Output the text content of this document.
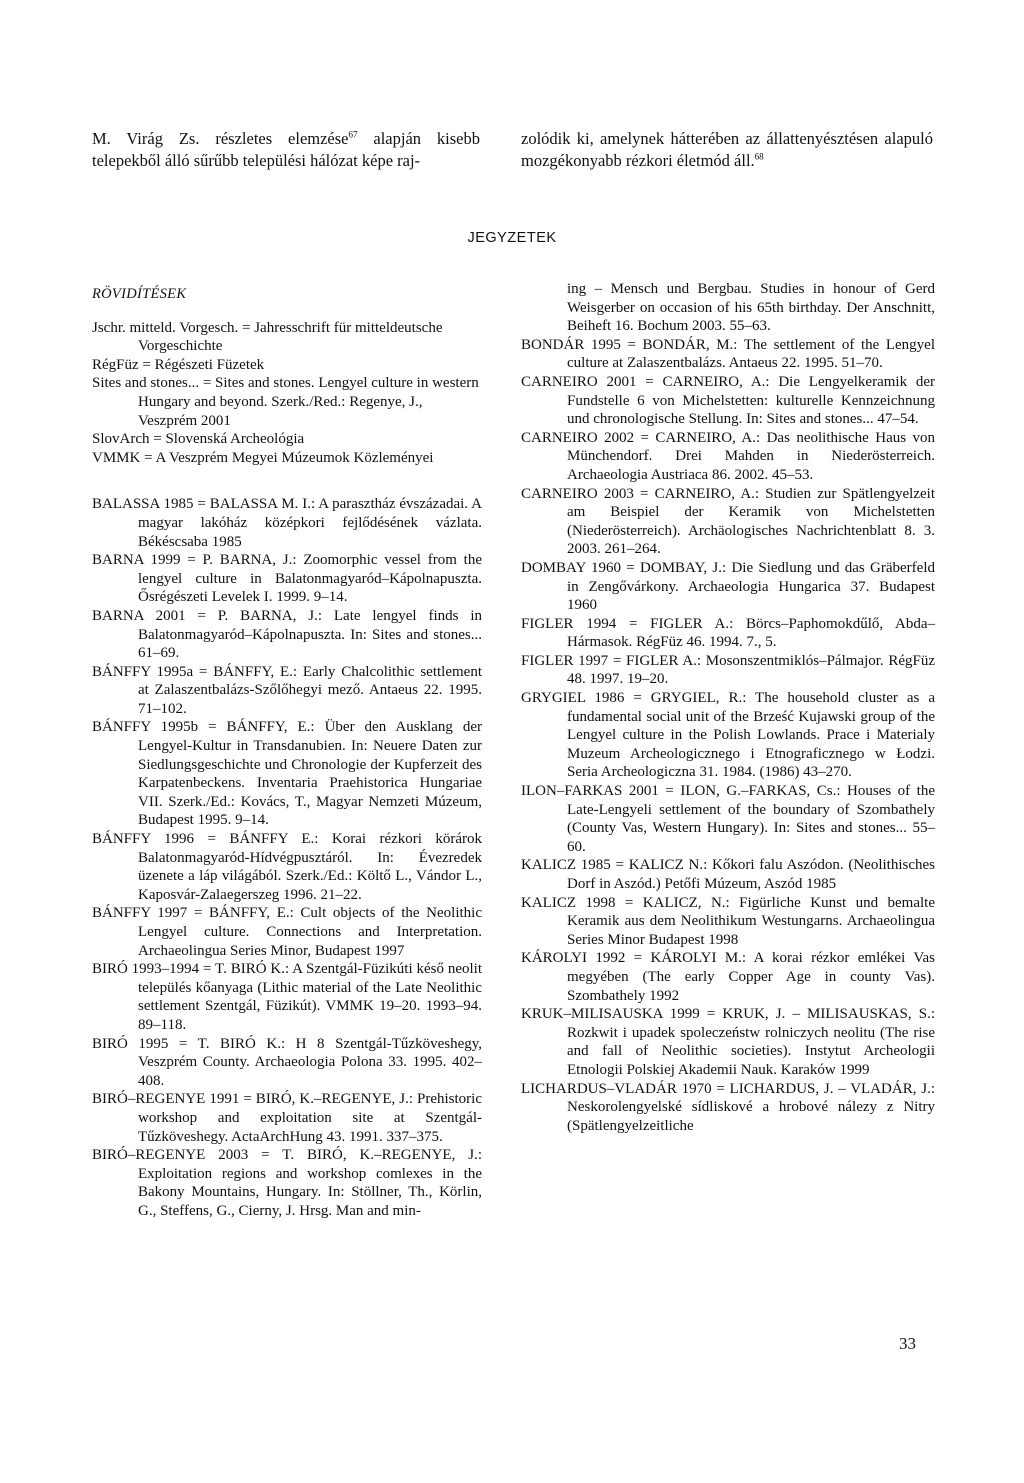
M. Virág Zs. részletes elemzése$^{67}$ alapján kisebb telepekből álló sűrűbb települési hálózat képe raj-
zolódik ki, amelynek hátterében az állattenyésztésen alapuló mozgékonyabb rézkori életmód áll.$^{68}$
JEGYZETEK
RÖVIDÍTÉSEK

Jschr. mitteld. Vorgesch. = Jahresschrift für mitteldeutsche Vorgeschichte

RégFüz = Régészeti Füzetek

Sites and stones... = Sites and stones. Lengyel culture in western Hungary and beyond. Szerk./Red.: Regenye, J., Veszprém 2001

SlovArch = Slovenská Archeológia

VMMK = A Veszprém Megyei Múzeumok Közleményei

BALASSA 1985 = BALASSA M. I.: A parasztház évszázadai. A magyar lakóház középkori fejlődésének vázlata. Békéscsaba 1985

BARNA 1999 = P. BARNA, J.: Zoomorphic vessel from the lengyel culture in Balatonmagyaród–Kápolnapuszta. Ősrégészeti Levelek I. 1999. 9–14.

BARNA 2001 = P. BARNA, J.: Late lengyel finds in Balatonmagyaród–Kápolnapuszta. In: Sites and stones... 61–69.

BÁNFFY 1995a = BÁNFFY, E.: Early Chalcolithic settlement at Zalaszentbalázs-Szőlőhegyi mező. Antaeus 22. 1995. 71–102.

BÁNFFY 1995b = BÁNFFY, E.: Über den Ausklang der Lengyel-Kultur in Transdanubien. In: Neuere Daten zur Siedlungsgeschichte und Chronologie der Kupferzeit des Karpatenbeckens. Inventaria Praehistorica Hungariae VII. Szerk./Ed.: Kovács, T., Magyar Nemzeti Múzeum, Budapest 1995. 9–14.

BÁNFFY 1996 = BÁNFFY E.: Korai rézkori körárok Balatonmagyaród-Hídvégpusztáról. In: Évezredek üzenete a láp világából. Szerk./Ed.: Költő L., Vándor L., Kaposvár-Zalaegerszeg 1996. 21–22.

BÁNFFY 1997 = BÁNFFY, E.: Cult objects of the Neolithic Lengyel culture. Connections and Interpretation. Archaeolingua Series Minor, Budapest 1997

BIRÓ 1993–1994 = T. BIRÓ K.: A Szentgál-Füzikúti késő neolit település kőanyaga (Lithic material of the Late Neolithic settlement Szentgál, Füzikút). VMMK 19–20. 1993–94. 89–118.

BIRÓ 1995 = T. BIRÓ K.: H 8 Szentgál-Tűzköveshegy, Veszprém County. Archaeologia Polona 33. 1995. 402–408.

BIRÓ–REGENYE 1991 = BIRÓ, K.–REGENYE, J.: Prehistoric workshop and exploitation site at Szentgál-Tűzköveshegy. ActaArchHung 43. 1991. 337–375.

BIRÓ–REGENYE 2003 = T. BIRÓ, K.–REGENYE, J.: Exploitation regions and workshop comlexes in the Bakony Mountains, Hungary. In: Stöllner, Th., Körlin, G., Steffens, G., Cierny, J. Hrsg. Man and min-

ing – Mensch und Bergbau. Studies in honour of Gerd Weisgerber on occasion of his 65th birthday. Der Anschnitt, Beiheft 16. Bochum 2003. 55–63.

BONDÁR 1995 = BONDÁR, M.: The settlement of the Lengyel culture at Zalaszentbalázs. Antaeus 22. 1995. 51–70.

CARNEIRO 2001 = CARNEIRO, A.: Die Lengyelkeramik der Fundstelle 6 von Michelstetten: kulturelle Kennzeichnung und chronologische Stellung. In: Sites and stones... 47–54.

CARNEIRO 2002 = CARNEIRO, A.: Das neolithische Haus von Münchendorf. Drei Mahden in Niederösterreich. Archaeologia Austriaca 86. 2002. 45–53.

CARNEIRO 2003 = CARNEIRO, A.: Studien zur Spätlengyelzeit am Beispiel der Keramik von Michelstetten (Niederösterreich). Archäologisches Nachrichtenblatt 8. 3. 2003. 261–264.

DOMBAY 1960 = DOMBAY, J.: Die Siedlung und das Gräberfeld in Zengővárkony. Archaeologia Hungarica 37. Budapest 1960

FIGLER 1994 = FIGLER A.: Börcs–Paphomokdűlő, Abda–Hármasok. RégFüz 46. 1994. 7., 5.

FIGLER 1997 = FIGLER A.: Mosonszentmiklós–Pálmajor. RégFüz 48. 1997. 19–20.

GRYGIEL 1986 = GRYGIEL, R.: The household cluster as a fundamental social unit of the Brześć Kujawski group of the Lengyel culture in the Polish Lowlands. Prace i Materialy Muzeum Archeologicznego i Etnograficznego w Łodzi. Seria Archeologiczna 31. 1984. (1986) 43–270.

ILON–FARKAS 2001 = ILON, G.–FARKAS, Cs.: Houses of the Late-Lengyeli settlement of the boundary of Szombathely (County Vas, Western Hungary). In: Sites and stones... 55–60.

KALICZ 1985 = KALICZ N.: Kőkori falu Aszódon. (Neolithisches Dorf in Aszód.) Petőfi Múzeum, Aszód 1985

KALICZ 1998 = KALICZ, N.: Figürliche Kunst und bemalte Keramik aus dem Neolithikum Westungarns. Archaeolingua Series Minor Budapest 1998

KÁROLYI 1992 = KÁROLYI M.: A korai rézkor emlékei Vas megyében (The early Copper Age in county Vas). Szombathely 1992

KRUK–MILISAUSKA 1999 = KRUK, J. – MILISAUSKAS, S.: Rozkwit i upadek spoleczeństw rolniczych neolitu (The rise and fall of Neolithic societies). Instytut Archeologii Etnologii Polskiej Akademii Nauk. Karaków 1999

LICHARDUS–VLADÁR 1970 = LICHARDUS, J. – VLADÁR, J.: Neskorolengyelské sídliskové a hrobové nálezy z Nitry (Spätlengyelzeitliche

33
